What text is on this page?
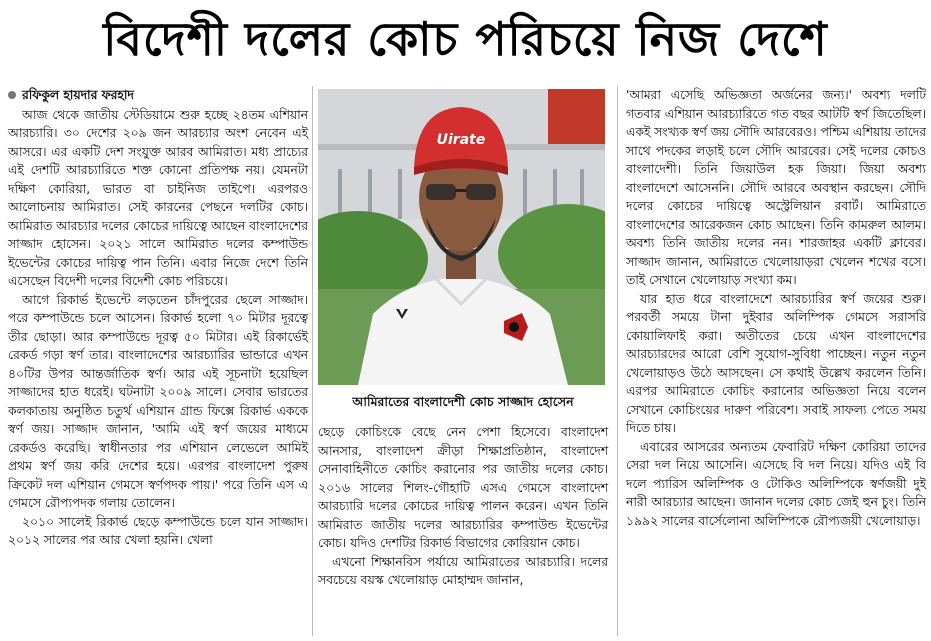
বিদেশী দলের কোচ পরিচয়ে নিজ দেশে
রফিকুল হায়দার ফরহাদ

আজ থেকে জাতীয় স্টেডিয়ামে শুরু হচ্ছে ২৪তম এশিয়ান আরচ্যারি। ৩০ দেশের ২০৯ জন আরচ্যার অংশ নেবেন এই আসরে। এর একটি দেশ সংযুক্ত আরব আমিরাত। মধ্য প্রাচ্যের এই দেশটি আরচ্যারিতে শক্ত কোনো প্রতিপক্ষ নয়। যেমনটা দক্ষিণ কোরিয়া, ভারত বা চাইনিজ তাইপে। এরপরও আলোচনায় আমিরাত। সেই কারনের পেছনে দলটির কোচ। আমিরাত আরচ্যার দলের কোচের দায়িত্বে আছেন বাংলাদেশের সাজ্জাদ হোসেন। ২০২১ সালে আমিরাত দলের কম্পাউন্ড ইভেন্টের কোচের দায়িত্ব পান তিনি। এবার নিজে দেশে তিনি এসেছেন বিদেশী দলের বিদেশী কোচ পরিচয়ে।

আগে রিকার্ভ ইভেন্টে লড়তেন চাঁদপুরের ছেলে সাজ্জাদ। পরে কম্পাউন্ডে চলে আসেন। রিকার্ভ হলো ৭০ মিটার দূরত্বে তীর ছোড়া। আর কম্পাউন্ডে দূরত্ব ৫০ মিটার। এই রিকার্ভেই রেকর্ড গড়া স্বর্ণ তার। বাংলাদেশের আরচ্যারির ভান্ডারে এখন ৪০টির উপর আন্তর্জাতিক স্বর্ণ। আর এই সূচনাটা হয়েছিল সাজ্জাদের হাত ধরেই। ঘটনাটা ২০০৯ সালে। সেবার ভারতের কলকাতায় অনুষ্ঠিত চতুর্থ এশিয়ান গ্রান্ড ফিক্সে রিকার্ভ এককে স্বর্ণ জয়। সাজ্জাদ জানান, 'আমি এই স্বর্ণ জয়ের মাধ্যমে রেকর্ডও করেছি। স্বাধীনতার পর এশিয়ান লেভেলে আমিই প্রথম স্বর্ণ জয় করি দেশের হয়ে। এরপর বাংলাদেশ পুরুষ ক্রিকেট দল এশিয়ান গেমসে স্বর্ণপদক পায়।' পরে তিনি এস এ গেমসে রৌপ্যপদক গলায় তোলেন।

২০১০ সালেই রিকার্ভ ছেড়ে কম্পাউন্ডে চলে যান সাজ্জাদ। ২০১২ সালের পর আর খেলা হয়নি। খেলা

Uirate
আমিরাতের বাংলাদেশী কোচ সাজ্জাদ হোসেন

ছেড়ে কোচিংকে বেছে নেন পেশা হিসেবে। বাংলাদেশ আনসার, বাংলাদেশ ক্রীড়া শিক্ষাপ্রতিষ্ঠান, বাংলাদেশ সেনাবাহিনীতে কোচিং করানোর পর জাতীয় দলের কোচ। ২০১৬ সালের শিলং-গৌহাটি এসএ গেমসে বাংলাদেশ আরচ্যারি দলের কোচের দায়িত্ব পালন করেন। এখন তিনি আমিরাত জাতীয় দলের আরচ্যারির কম্পাউন্ড ইভেন্টের কোচ। যদিও দেশটির রিকার্ভ বিভাগের কোরিয়ান কোচ।

এখনো শিক্ষানবিস পর্যায়ে আমিরাতের আরচ্যারি। দলের সবচেয়ে বয়স্ক খেলোয়াড় মোহাম্মদ জানান,

'আমরা এসেছি অভিজ্ঞতা অর্জনের জন্য।' অবশ্য দলটি গতবার এশিয়ান আরচ্যারিতে গত বছর আটটি স্বর্ণ জিতেছিল। একই সংখ্যক স্বর্ণ জয় সৌদি আরবেরও। পশ্চিম এশিয়ায় তাদের সাথে পদকের লড়াই চলে সৌদি আরবের। সেই দলের কোচও বাংলাদেশী। তিনি জিয়াউল হক জিয়া। জিয়া অবশ্য বাংলাদেশে আসেননি। সৌদি আরবে অবস্থান করছেন। সৌদি দলের কোচের দায়িত্বে অস্ট্রেলিয়ান রবার্ট। আমিরাতে বাংলাদেশের আরেকজন কোচ আছেন। তিনি কামরুল আলম। অবশ্য তিনি জাতীয় দলের নন। শারজাহর একটি ক্লাবের। সাজ্জাদ জানান, আমিরাতে খেলোয়াড়রা খেলেন শখের বসে। তাই সেখানে খেলোয়াড় সংখ্যা কম।

যার হাত ধরে বাংলাদেশে আরচ্যারির স্বর্ণ জয়ের শুরু। পরবর্তী সময়ে টানা দুইবার অলিম্পিক গেমসে সরাসরি কোয়ালিফাই করা। অতীতের চেয়ে এখন বাংলাদেশের আরচ্যারদের আরো বেশি সুযোগ-সুবিধা পাচ্ছেন। নতুন নতুন খেলোয়াড়ও উঠে আসছেন। সে কথাই উল্লেখ করলেন তিনি। এরপর আমিরাতে কোচিং করানোর অভিজ্ঞতা নিয়ে বলেন সেখানে কোচিংয়ের দারুণ পরিবেশ। সবাই সাফল্য পেতে সময় দিতে চায়।

এবারের আসরের অন্যতম ফেবারিট দক্ষিণ কোরিয়া তাদের সেরা দল নিয়ে আসেনি। এসেছে বি দল নিয়ে। যদিও এই বি দলে প্যারিস অলিম্পিক ও টোকিও অলিম্পিকে স্বর্ণজয়ী দুই নারী আরচ্যার আছেন। জানান দলের কোচ জেই হুন চুং। তিনি ১৯৯২ সালের বার্সেলোনা অলিম্পিকে রৌপ্যজয়ী খেলোয়াড়।
